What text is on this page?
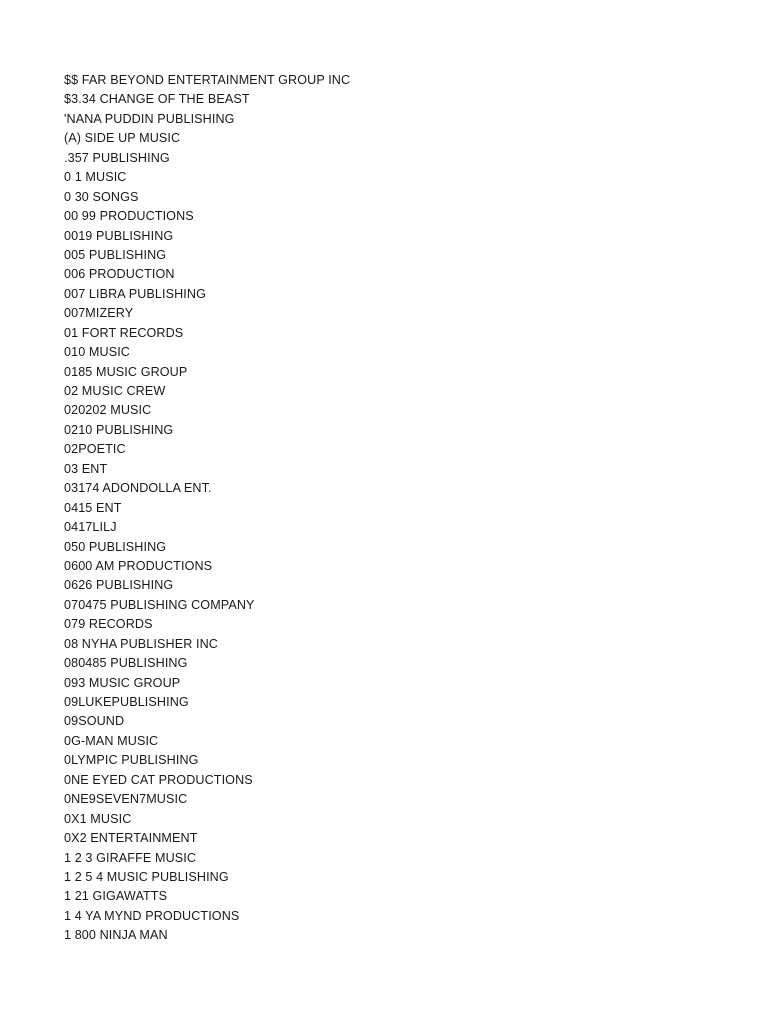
$$ FAR BEYOND ENTERTAINMENT GROUP INC
$3.34 CHANGE OF THE BEAST
'NANA PUDDIN PUBLISHING
(A) SIDE UP MUSIC
.357 PUBLISHING
0 1 MUSIC
0 30 SONGS
00 99 PRODUCTIONS
0019 PUBLISHING
005 PUBLISHING
006 PRODUCTION
007 LIBRA PUBLISHING
007MIZERY
01 FORT RECORDS
010 MUSIC
0185 MUSIC GROUP
02 MUSIC CREW
020202 MUSIC
0210 PUBLISHING
02POETIC
03 ENT
03174 ADONDOLLA ENT.
0415 ENT
0417LILJ
050 PUBLISHING
0600 AM PRODUCTIONS
0626 PUBLISHING
070475 PUBLISHING COMPANY
079 RECORDS
08 NYHA PUBLISHER INC
080485 PUBLISHING
093 MUSIC GROUP
09LUKEPUBLISHING
09SOUND
0G-MAN MUSIC
0LYMPIC PUBLISHING
0NE EYED CAT PRODUCTIONS
0NE9SEVEN7MUSIC
0X1 MUSIC
0X2 ENTERTAINMENT
1 2 3 GIRAFFE MUSIC
1 2 5 4 MUSIC PUBLISHING
1 21 GIGAWATTS
1 4 YA MYND PRODUCTIONS
1 800 NINJA MAN
